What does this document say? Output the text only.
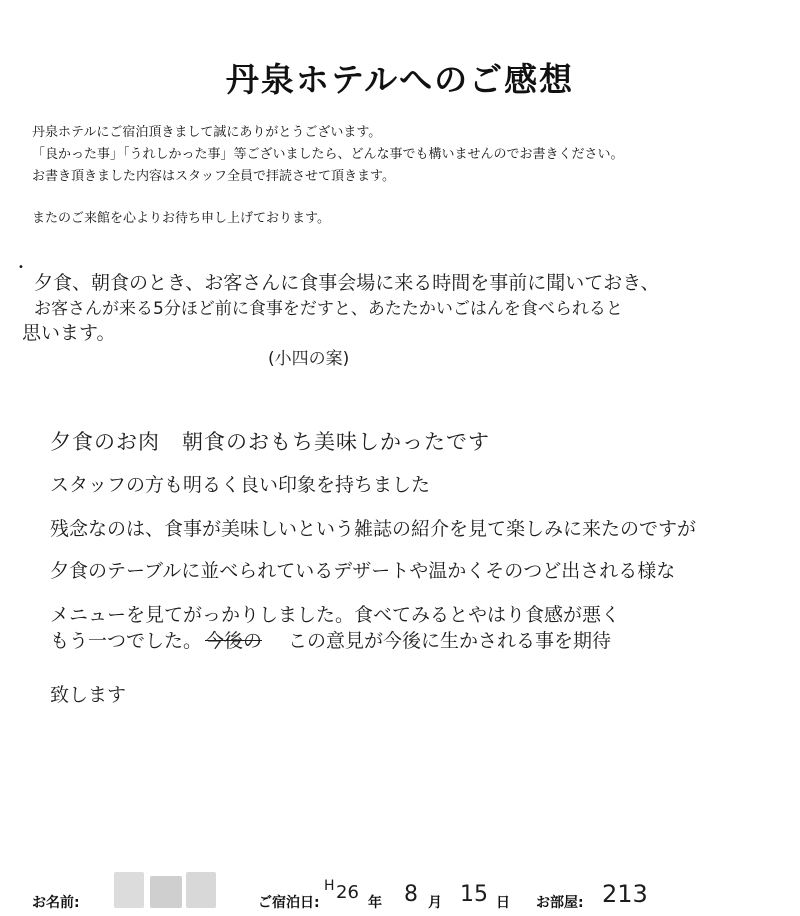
丹泉ホテルへのご感想
丹泉ホテルにご宿泊頂きまして誠にありがとうございます。
「良かった事」「うれしかった事」等ございましたら、どんな事でも構いませんのでお書きください。
お書き頂きました内容はスタッフ全員で拝読させて頂きます。
またのご来館を心よりお待ち申し上げております。
•
夕食、朝食のとき、お客さんに食事会場に来る時間を事前に聞いておき、
お客さんが来る5分ほど前に食事をだすと、あたたかいごはんを食べられると
思います。
(小四の案)
夕食のお肉　朝食のおもち美味しかったです
スタッフの方も明るく良い印象を持ちました
残念なのは、食事が美味しいという雑誌の紹介を見て楽しみに来たのですが
夕食のテーブルに並べられているデザートや温かくそのつど出される様な
メニューを見てがっかりしました。食べてみるとやはり食感が悪く
もう一つでした。 今後の この意見が今後に生かされる事を期待
致します
お名前:	ご宿泊日:
H 26 年 8 月 15 日 お部屋: 213
